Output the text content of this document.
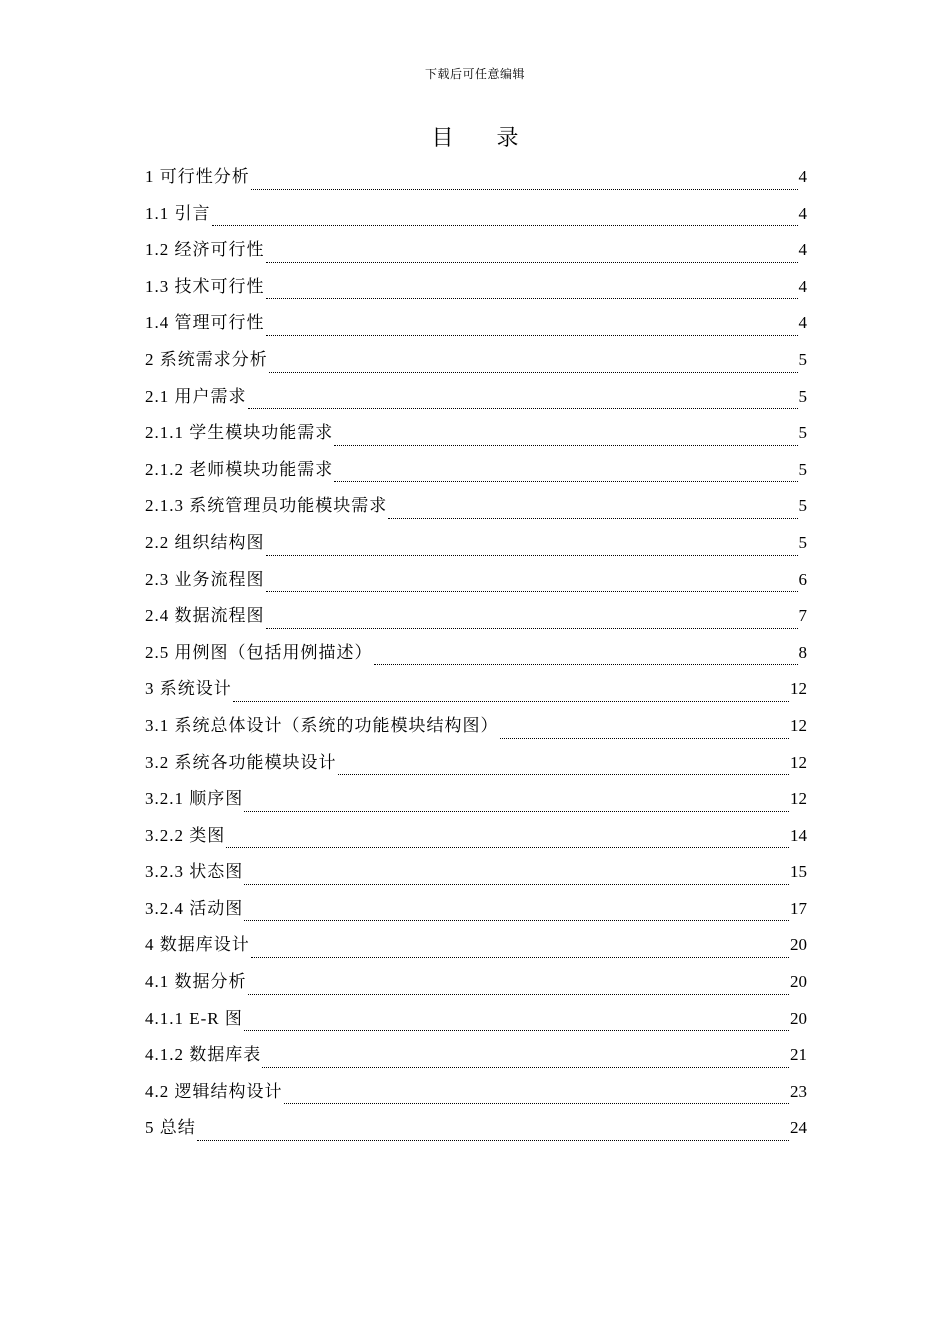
下载后可任意编辑
目 录
1 可行性分析	4
1.1 引言	4
1.2 经济可行性	4
1.3 技术可行性	4
1.4 管理可行性	4
2 系统需求分析	5
2.1 用户需求	5
2.1.1 学生模块功能需求	5
2.1.2 老师模块功能需求	5
2.1.3 系统管理员功能模块需求	5
2.2 组织结构图	5
2.3 业务流程图	6
2.4 数据流程图	7
2.5 用例图（包括用例描述）	8
3 系统设计	12
3.1 系统总体设计（系统的功能模块结构图）	12
3.2 系统各功能模块设计	12
3.2.1 顺序图	12
3.2.2 类图	14
3.2.3 状态图	15
3.2.4 活动图	17
4 数据库设计	20
4.1 数据分析	20
4.1.1 E-R 图	20
4.1.2 数据库表	21
4.2 逻辑结构设计	23
5 总结	24
